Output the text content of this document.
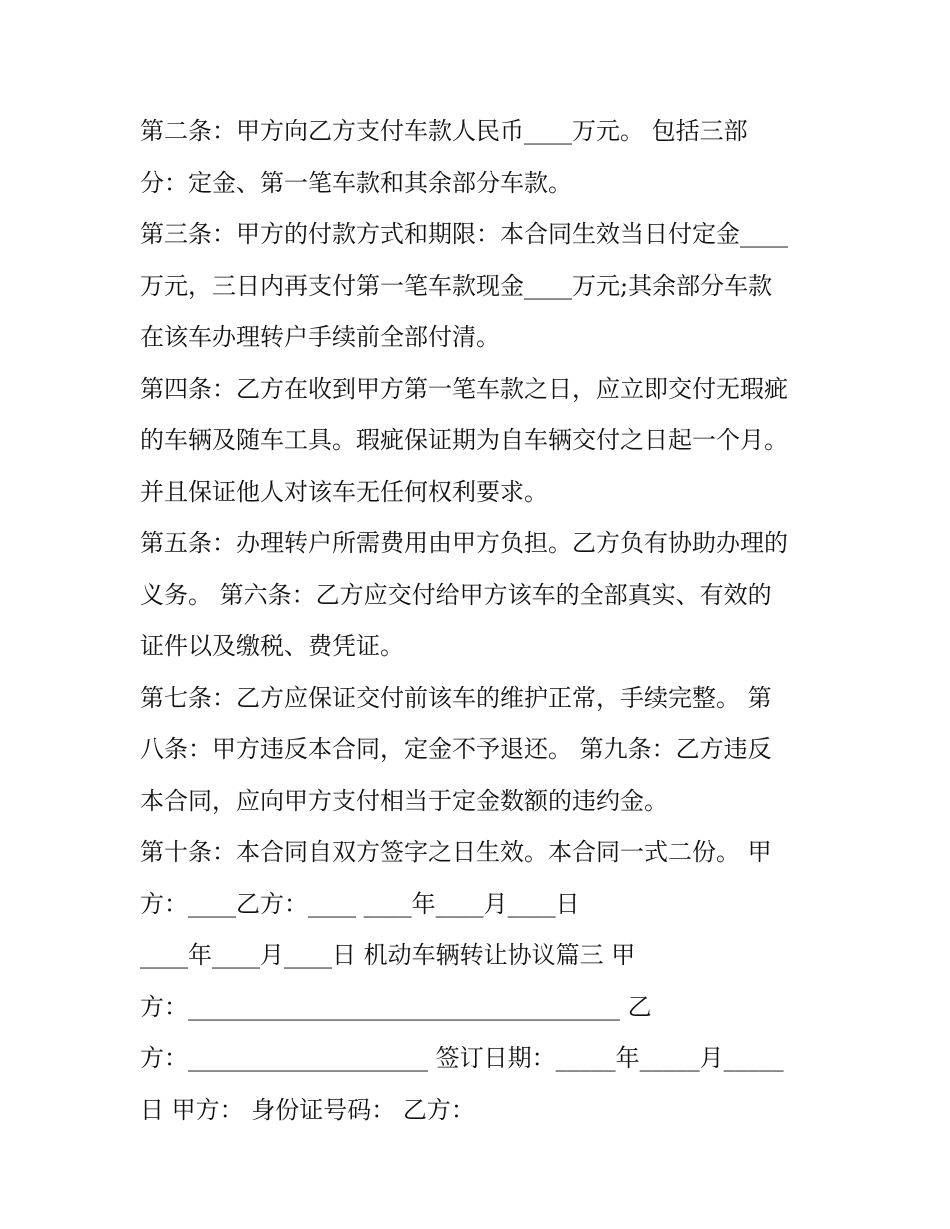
第二条：甲方向乙方支付车款人民币____万元。 包括三部
分：定金、第一笔车款和其余部分车款。
第三条：甲方的付款方式和期限：本合同生效当日付定金____
万元，三日内再支付第一笔车款现金____万元;其余部分车款
在该车办理转户手续前全部付清。
第四条：乙方在收到甲方第一笔车款之日，应立即交付无瑕疵
的车辆及随车工具。瑕疵保证期为自车辆交付之日起一个月。
并且保证他人对该车无任何权利要求。
第五条：办理转户所需费用由甲方负担。乙方负有协助办理的
义务。 第六条：乙方应交付给甲方该车的全部真实、有效的
证件以及缴税、费凭证。
第七条：乙方应保证交付前该车的维护正常，手续完整。 第
八条：甲方违反本合同，定金不予退还。 第九条：乙方违反
本合同，应向甲方支付相当于定金数额的违约金。
第十条：本合同自双方签字之日生效。本合同一式二份。 甲
方：____乙方：____ ____年____月____日
____年____月____日 机动车辆转让协议篇三 甲
方：____________________________________ 乙
方：____________________ 签订日期：_____年_____月_____
日 甲方： 身份证号码： 乙方：
